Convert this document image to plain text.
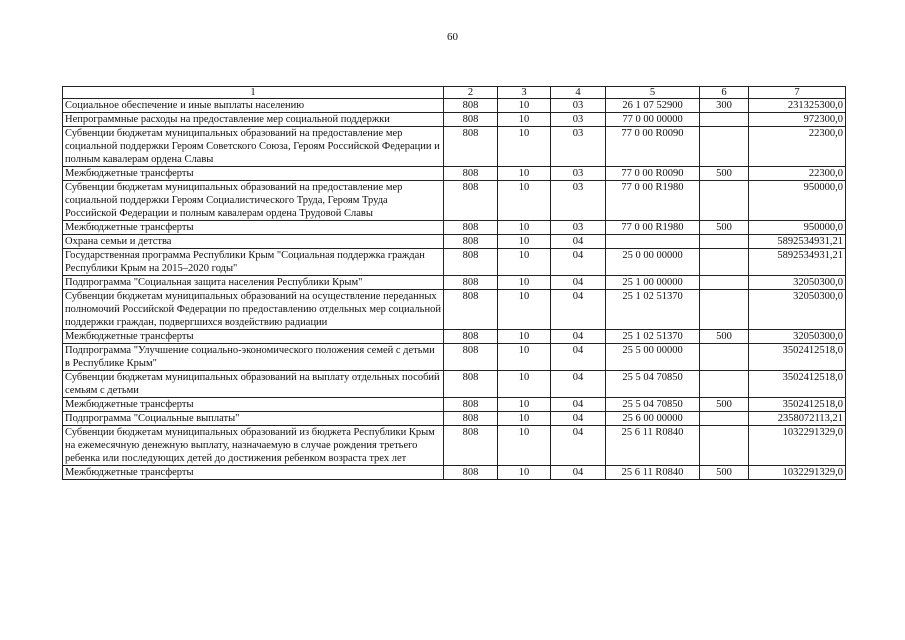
60
1	2	3	4	5	6	7
Социальное обеспечение и иные выплаты населению	808	10	03	26 1 07 52900	300	231325300,0
Непрограммные расходы на предоставление мер социальной поддержки	808	10	03	77 0 00 00000		972300,0
Субвенции бюджетам муниципальных образований на предоставление мер социальной поддержки Героям Советского Союза, Героям Российской Федерации и полным кавалерам ордена Славы	808	10	03	77 0 00 R0090		22300,0
Межбюджетные трансферты	808	10	03	77 0 00 R0090	500	22300,0
Субвенции бюджетам муниципальных образований на предоставление мер социальной поддержки Героям Социалистического Труда, Героям Труда Российской Федерации и полным кавалерам ордена Трудовой Славы	808	10	03	77 0 00 R1980		950000,0
Межбюджетные трансферты	808	10	03	77 0 00 R1980	500	950000,0
Охрана семьи и детства	808	10	04			5892534931,21
Государственная программа Республики Крым "Социальная поддержка граждан Республики Крым на 2015–2020 годы"	808	10	04	25 0 00 00000		5892534931,21
Подпрограмма "Социальная защита населения Республики Крым"	808	10	04	25 1 00 00000		32050300,0
Субвенции бюджетам муниципальных образований на осуществление переданных полномочий Российской Федерации по предоставлению отдельных мер социальной поддержки граждан, подвергшихся воздействию радиации	808	10	04	25 1 02 51370		32050300,0
Межбюджетные трансферты	808	10	04	25 1 02 51370	500	32050300,0
Подпрограмма "Улучшение социально-экономического положения семей с детьми в Республике Крым"	808	10	04	25 5 00 00000		3502412518,0
Субвенции бюджетам муниципальных образований на выплату отдельных пособий семьям с детьми	808	10	04	25 5 04 70850		3502412518,0
Межбюджетные трансферты	808	10	04	25 5 04 70850	500	3502412518,0
Подпрограмма "Социальные выплаты"	808	10	04	25 6 00 00000		2358072113,21
Субвенции бюджетам муниципальных образований из бюджета Республики Крым на ежемесячную денежную выплату, назначаемую в случае рождения третьего ребенка или последующих детей до достижения ребенком возраста трех лет	808	10	04	25 6 11 R0840		1032291329,0
Межбюджетные трансферты	808	10	04	25 6 11 R0840	500	1032291329,0
